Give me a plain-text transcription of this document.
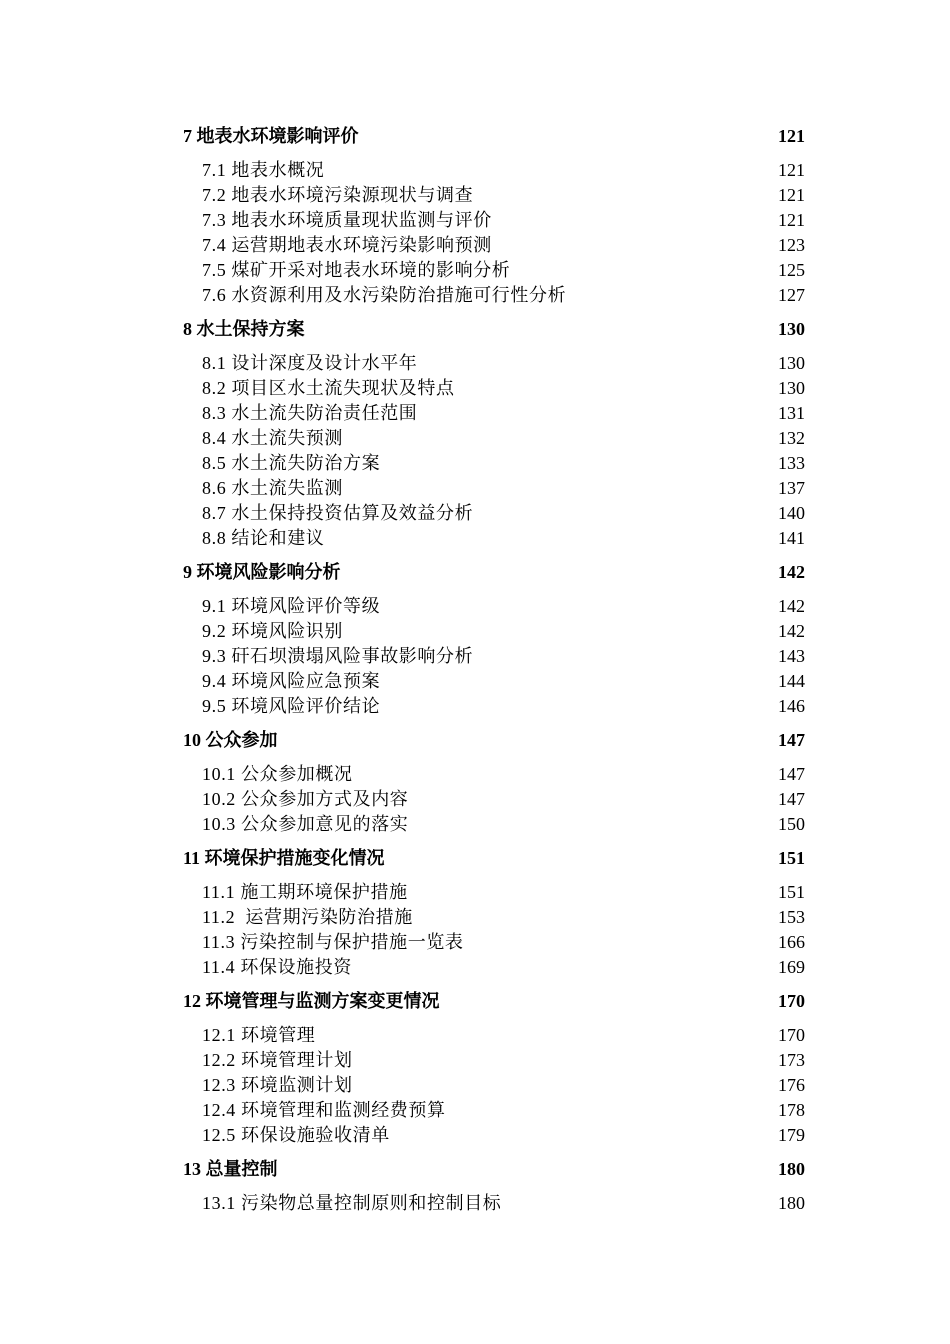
7 地表水环境影响评价	121
7.1 地表水概况	121
7.2 地表水环境污染源现状与调查	121
7.3 地表水环境质量现状监测与评价	121
7.4 运营期地表水环境污染影响预测	123
7.5 煤矿开采对地表水环境的影响分析	125
7.6 水资源利用及水污染防治措施可行性分析	127
8 水土保持方案	130
8.1 设计深度及设计水平年	130
8.2 项目区水土流失现状及特点	130
8.3 水土流失防治责任范围	131
8.4 水土流失预测	132
8.5 水土流失防治方案	133
8.6 水土流失监测	137
8.7 水土保持投资估算及效益分析	140
8.8 结论和建议	141
9 环境风险影响分析	142
9.1 环境风险评价等级	142
9.2 环境风险识别	142
9.3 矸石坝溃塌风险事故影响分析	143
9.4 环境风险应急预案	144
9.5 环境风险评价结论	146
10 公众参加	147
10.1 公众参加概况	147
10.2 公众参加方式及内容	147
10.3 公众参加意见的落实	150
11 环境保护措施变化情况	151
11.1 施工期环境保护措施	151
11.2  运营期污染防治措施	153
11.3 污染控制与保护措施一览表	166
11.4 环保设施投资	169
12 环境管理与监测方案变更情况	170
12.1 环境管理	170
12.2 环境管理计划	173
12.3 环境监测计划	176
12.4 环境管理和监测经费预算	178
12.5 环保设施验收清单	179
13 总量控制	180
13.1 污染物总量控制原则和控制目标	180
